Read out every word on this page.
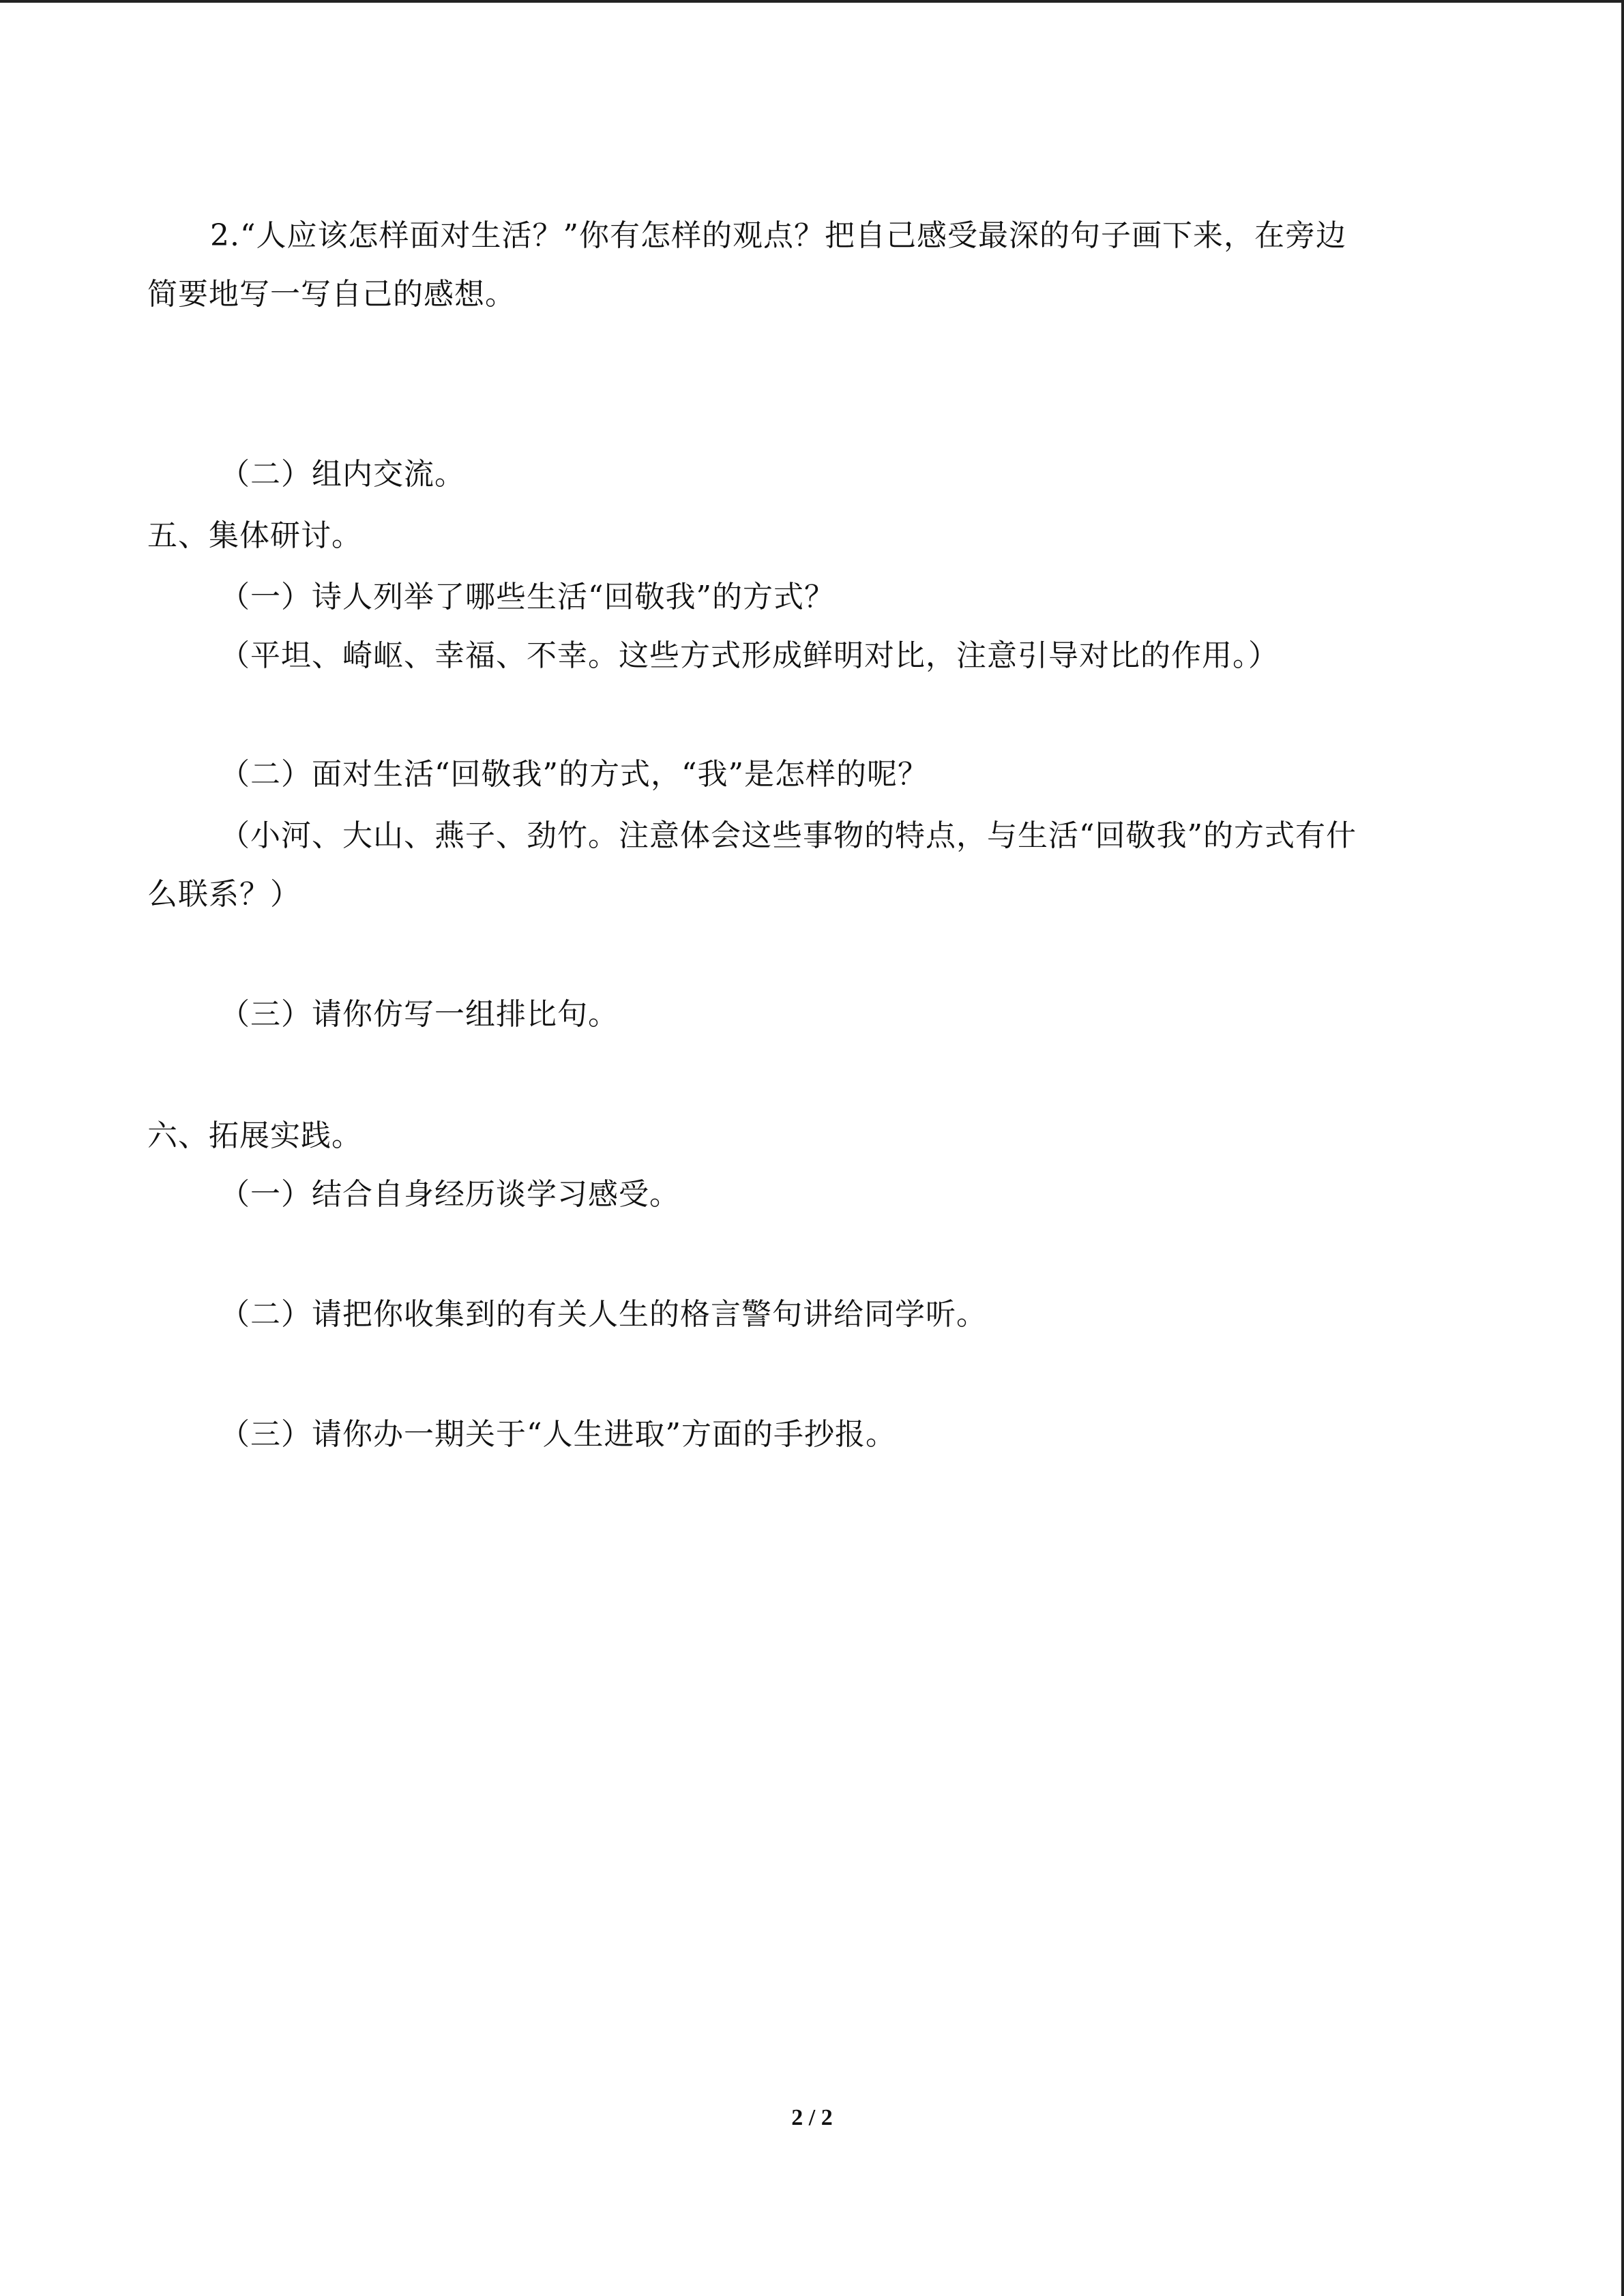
2.“人应该怎样面对生活？”你有怎样的观点？把自己感受最深的句子画下来，在旁边
简要地写一写自己的感想。
（二）组内交流。
五、集体研讨。
（一）诗人列举了哪些生活“回敬我”的方式？
（平坦、崎岖、幸福、不幸。这些方式形成鲜明对比，注意引导对比的作用。）
（二）面对生活“回敬我”的方式，“我”是怎样的呢？
（小河、大山、燕子、劲竹。注意体会这些事物的特点，与生活“回敬我”的方式有什
么联系？）
（三）请你仿写一组排比句。
六、拓展实践。
（一）结合自身经历谈学习感受。
（二）请把你收集到的有关人生的格言警句讲给同学听。
（三）请你办一期关于“人生进取”方面的手抄报。
2 / 2
